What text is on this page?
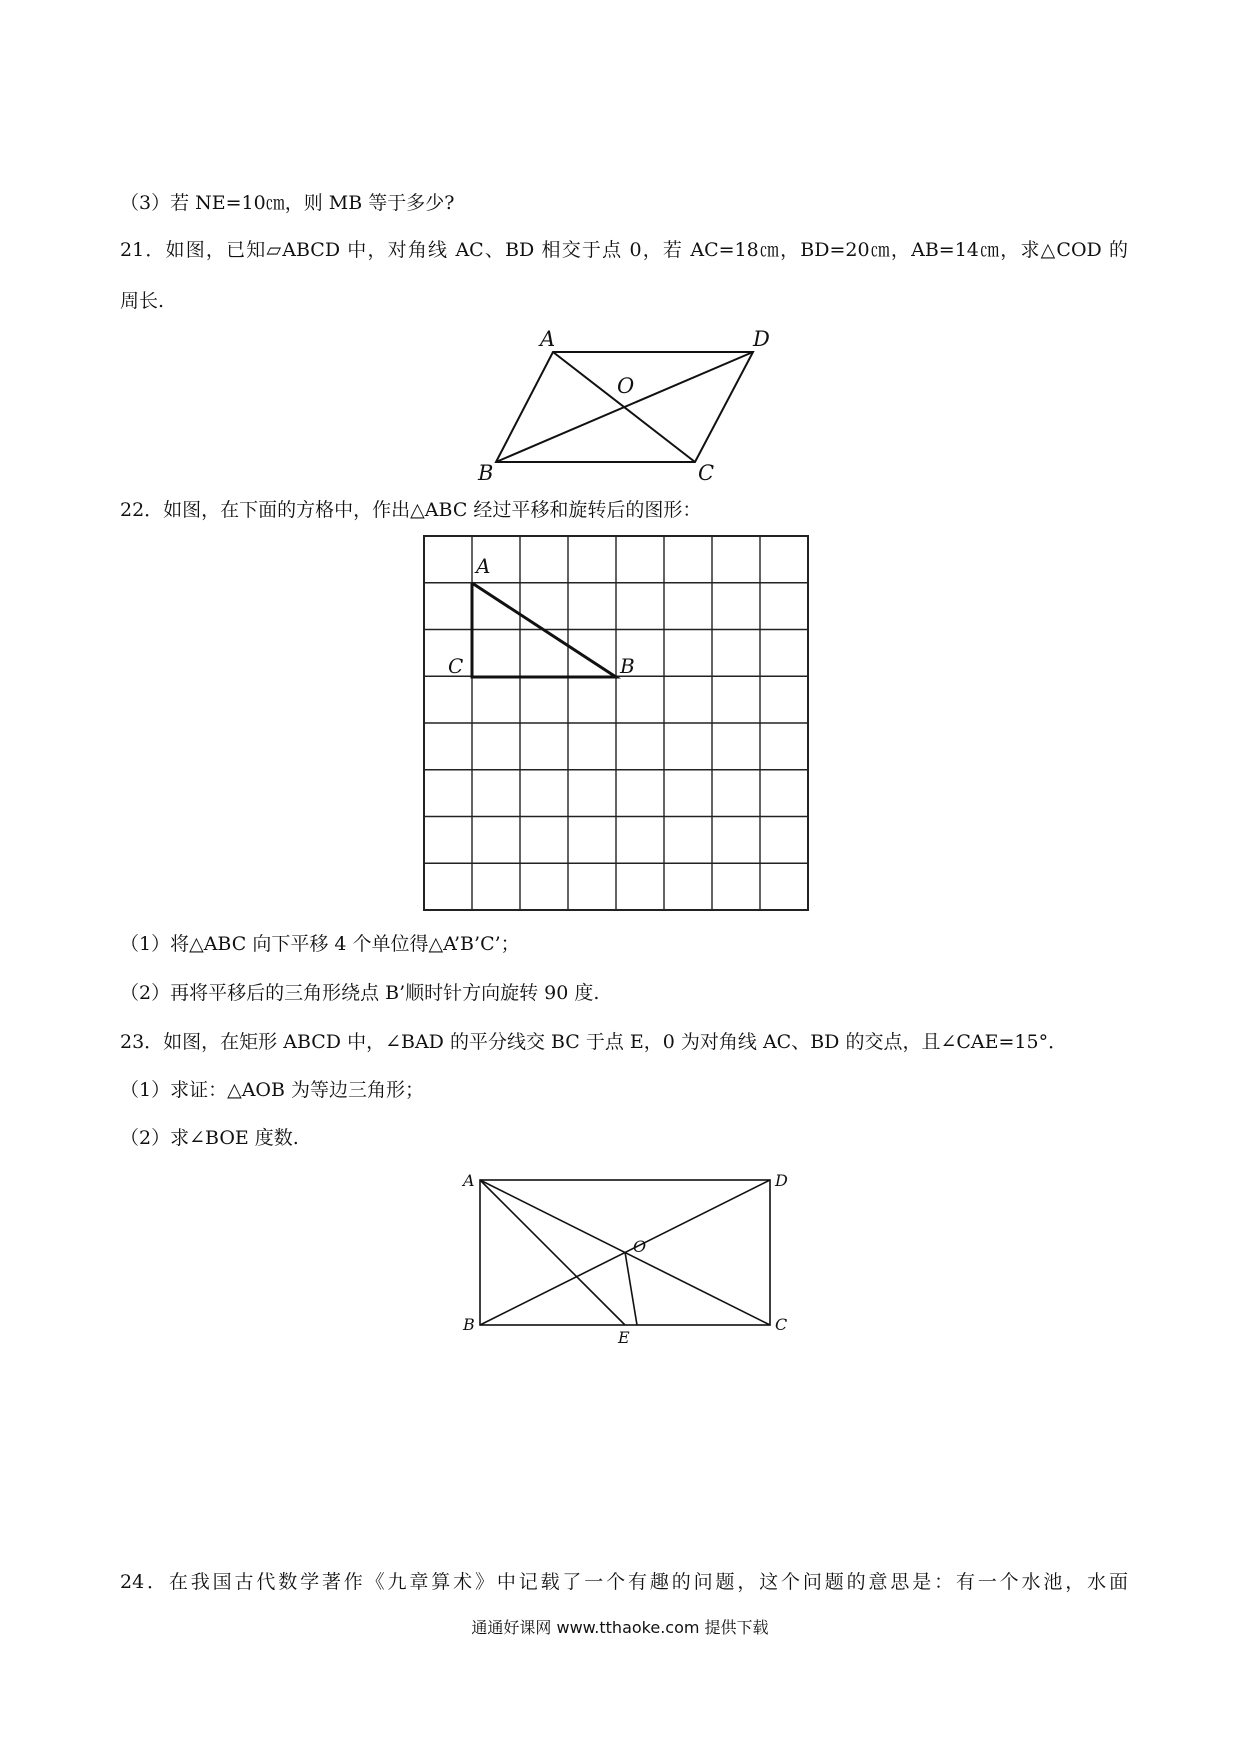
（3）若 NE=10㎝，则 MB 等于多少?
21．如图，已知▱ABCD 中，对角线 AC、BD 相交于点 0，若 AC=18㎝，BD=20㎝，AB=14㎝，求△COD 的
周长.
A	D
O
B	C
22．如图，在下面的方格中，作出△ABC 经过平移和旋转后的图形：
A
C	B
（1）将△ABC 向下平移 4 个单位得△A’B’C’；
（2）再将平移后的三角形绕点 B’顺时针方向旋转 90 度.
23．如图，在矩形 ABCD 中，∠BAD 的平分线交 BC 于点 E，0 为对角线 AC、BD 的交点，且∠CAE=15°．
（1）求证：△AOB 为等边三角形；
（2）求∠BOE 度数.
A	D
O
B
E
C
24．在我国古代数学著作《九章算术》中记载了一个有趣的问题，这个问题的意思是：有一个水池，水面
通通好课网 www.tthaoke.com 提供下载
